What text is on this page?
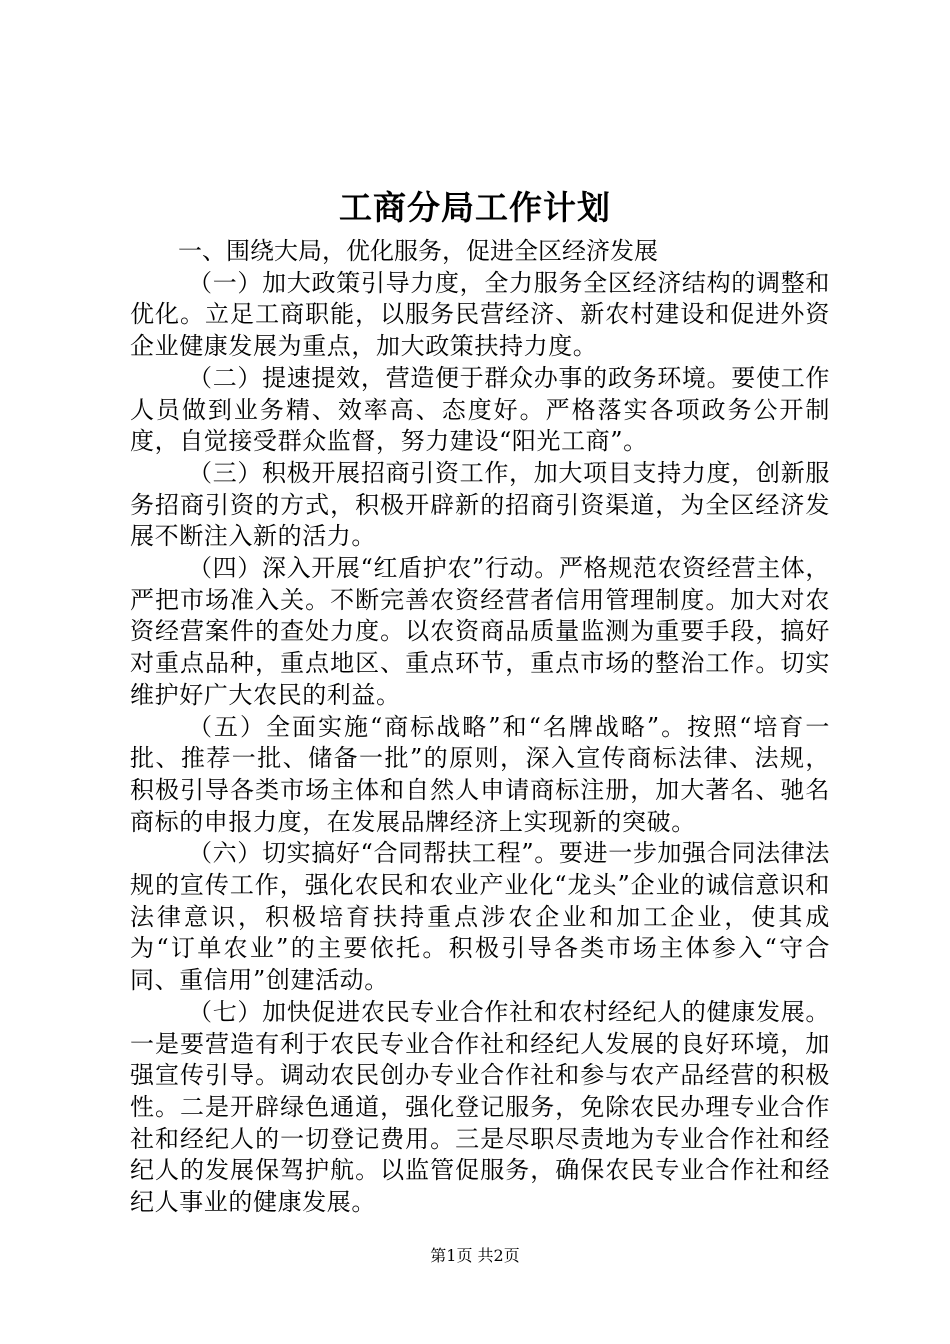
工商分局工作计划

一、围绕大局，优化服务，促进全区经济发展

（一）加大政策引导力度，全力服务全区经济结构的调整和优化。立足工商职能，以服务民营经济、新农村建设和促进外资企业健康发展为重点，加大政策扶持力度。

（二）提速提效，营造便于群众办事的政务环境。要使工作人员做到业务精、效率高、态度好。严格落实各项政务公开制度，自觉接受群众监督，努力建设“阳光工商”。

（三）积极开展招商引资工作，加大项目支持力度，创新服务招商引资的方式，积极开辟新的招商引资渠道，为全区经济发展不断注入新的活力。

（四）深入开展“红盾护农”行动。严格规范农资经营主体，严把市场准入关。不断完善农资经营者信用管理制度。加大对农资经营案件的查处力度。以农资商品质量监测为重要手段，搞好对重点品种，重点地区、重点环节，重点市场的整治工作。切实维护好广大农民的利益。

（五）全面实施“商标战略”和“名牌战略”。按照“培育一批、推荐一批、储备一批”的原则，深入宣传商标法律、法规，积极引导各类市场主体和自然人申请商标注册，加大著名、驰名商标的申报力度，在发展品牌经济上实现新的突破。

（六）切实搞好“合同帮扶工程”。要进一步加强合同法律法规的宣传工作，强化农民和农业产业化“龙头”企业的诚信意识和法律意识，积极培育扶持重点涉农企业和加工企业，使其成为“订单农业”的主要依托。积极引导各类市场主体参入“守合同、重信用”创建活动。

（七）加快促进农民专业合作社和农村经纪人的健康发展。一是要营造有利于农民专业合作社和经纪人发展的良好环境，加强宣传引导。调动农民创办专业合作社和参与农产品经营的积极性。二是开辟绿色通道，强化登记服务，免除农民办理专业合作社和经纪人的一切登记费用。三是尽职尽责地为专业合作社和经纪人的发展保驾护航。以监管促服务，确保农民专业合作社和经纪人事业的健康发展。

第1页 共2页
